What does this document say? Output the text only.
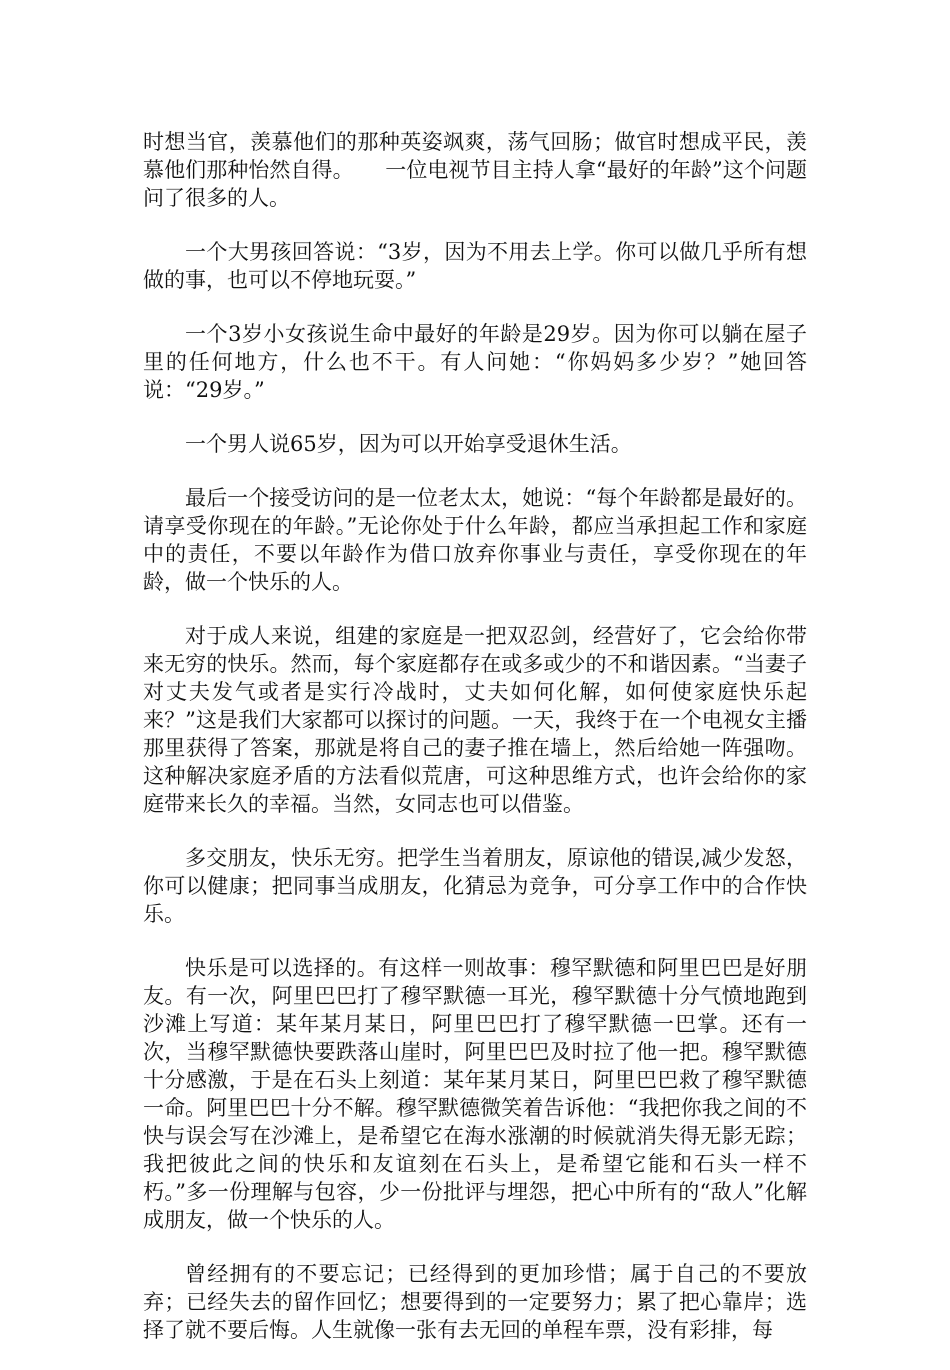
时想当官，羡慕他们的那种英姿飒爽，荡气回肠；做官时想成平民，羡慕他们那种怡然自得。　　一位电视节目主持人拿“最好的年龄”这个问题问了很多的人。

一个大男孩回答说：“3岁，因为不用去上学。你可以做几乎所有想做的事，也可以不停地玩耍。”

一个3岁小女孩说生命中最好的年龄是29岁。因为你可以躺在屋子里的任何地方，什么也不干。有人问她：“你妈妈多少岁？”她回答说：“29岁。”

一个男人说65岁，因为可以开始享受退休生活。

最后一个接受访问的是一位老太太，她说：“每个年龄都是最好的。请享受你现在的年龄。”无论你处于什么年龄，都应当承担起工作和家庭中的责任，不要以年龄作为借口放弃你事业与责任，享受你现在的年龄，做一个快乐的人。

对于成人来说，组建的家庭是一把双忍剑，经营好了，它会给你带来无穷的快乐。然而，每个家庭都存在或多或少的不和谐因素。“当妻子对丈夫发气或者是实行冷战时，丈夫如何化解，如何使家庭快乐起来？”这是我们大家都可以探讨的问题。一天，我终于在一个电视女主播那里获得了答案，那就是将自己的妻子推在墙上，然后给她一阵强吻。这种解决家庭矛盾的方法看似荒唐，可这种思维方式，也许会给你的家庭带来长久的幸福。当然，女同志也可以借鉴。

多交朋友，快乐无穷。把学生当着朋友，原谅他的错误,减少发怒，你可以健康；把同事当成朋友，化猜忌为竞争，可分享工作中的合作快乐。

快乐是可以选择的。有这样一则故事：穆罕默德和阿里巴巴是好朋友。有一次，阿里巴巴打了穆罕默德一耳光，穆罕默德十分气愤地跑到沙滩上写道：某年某月某日，阿里巴巴打了穆罕默德一巴掌。还有一次，当穆罕默德快要跌落山崖时，阿里巴巴及时拉了他一把。穆罕默德十分感激，于是在石头上刻道：某年某月某日，阿里巴巴救了穆罕默德一命。阿里巴巴十分不解。穆罕默德微笑着告诉他：“我把你我之间的不快与误会写在沙滩上，是希望它在海水涨潮的时候就消失得无影无踪；我把彼此之间的快乐和友谊刻在石头上，是希望它能和石头一样不朽。”多一份理解与包容，少一份批评与埋怨，把心中所有的“敌人”化解成朋友，做一个快乐的人。

曾经拥有的不要忘记；已经得到的更加珍惜；属于自己的不要放弃；已经失去的留作回忆；想要得到的一定要努力；累了把心靠岸；选择了就不要后悔。人生就像一张有去无回的单程车票，没有彩排，每
